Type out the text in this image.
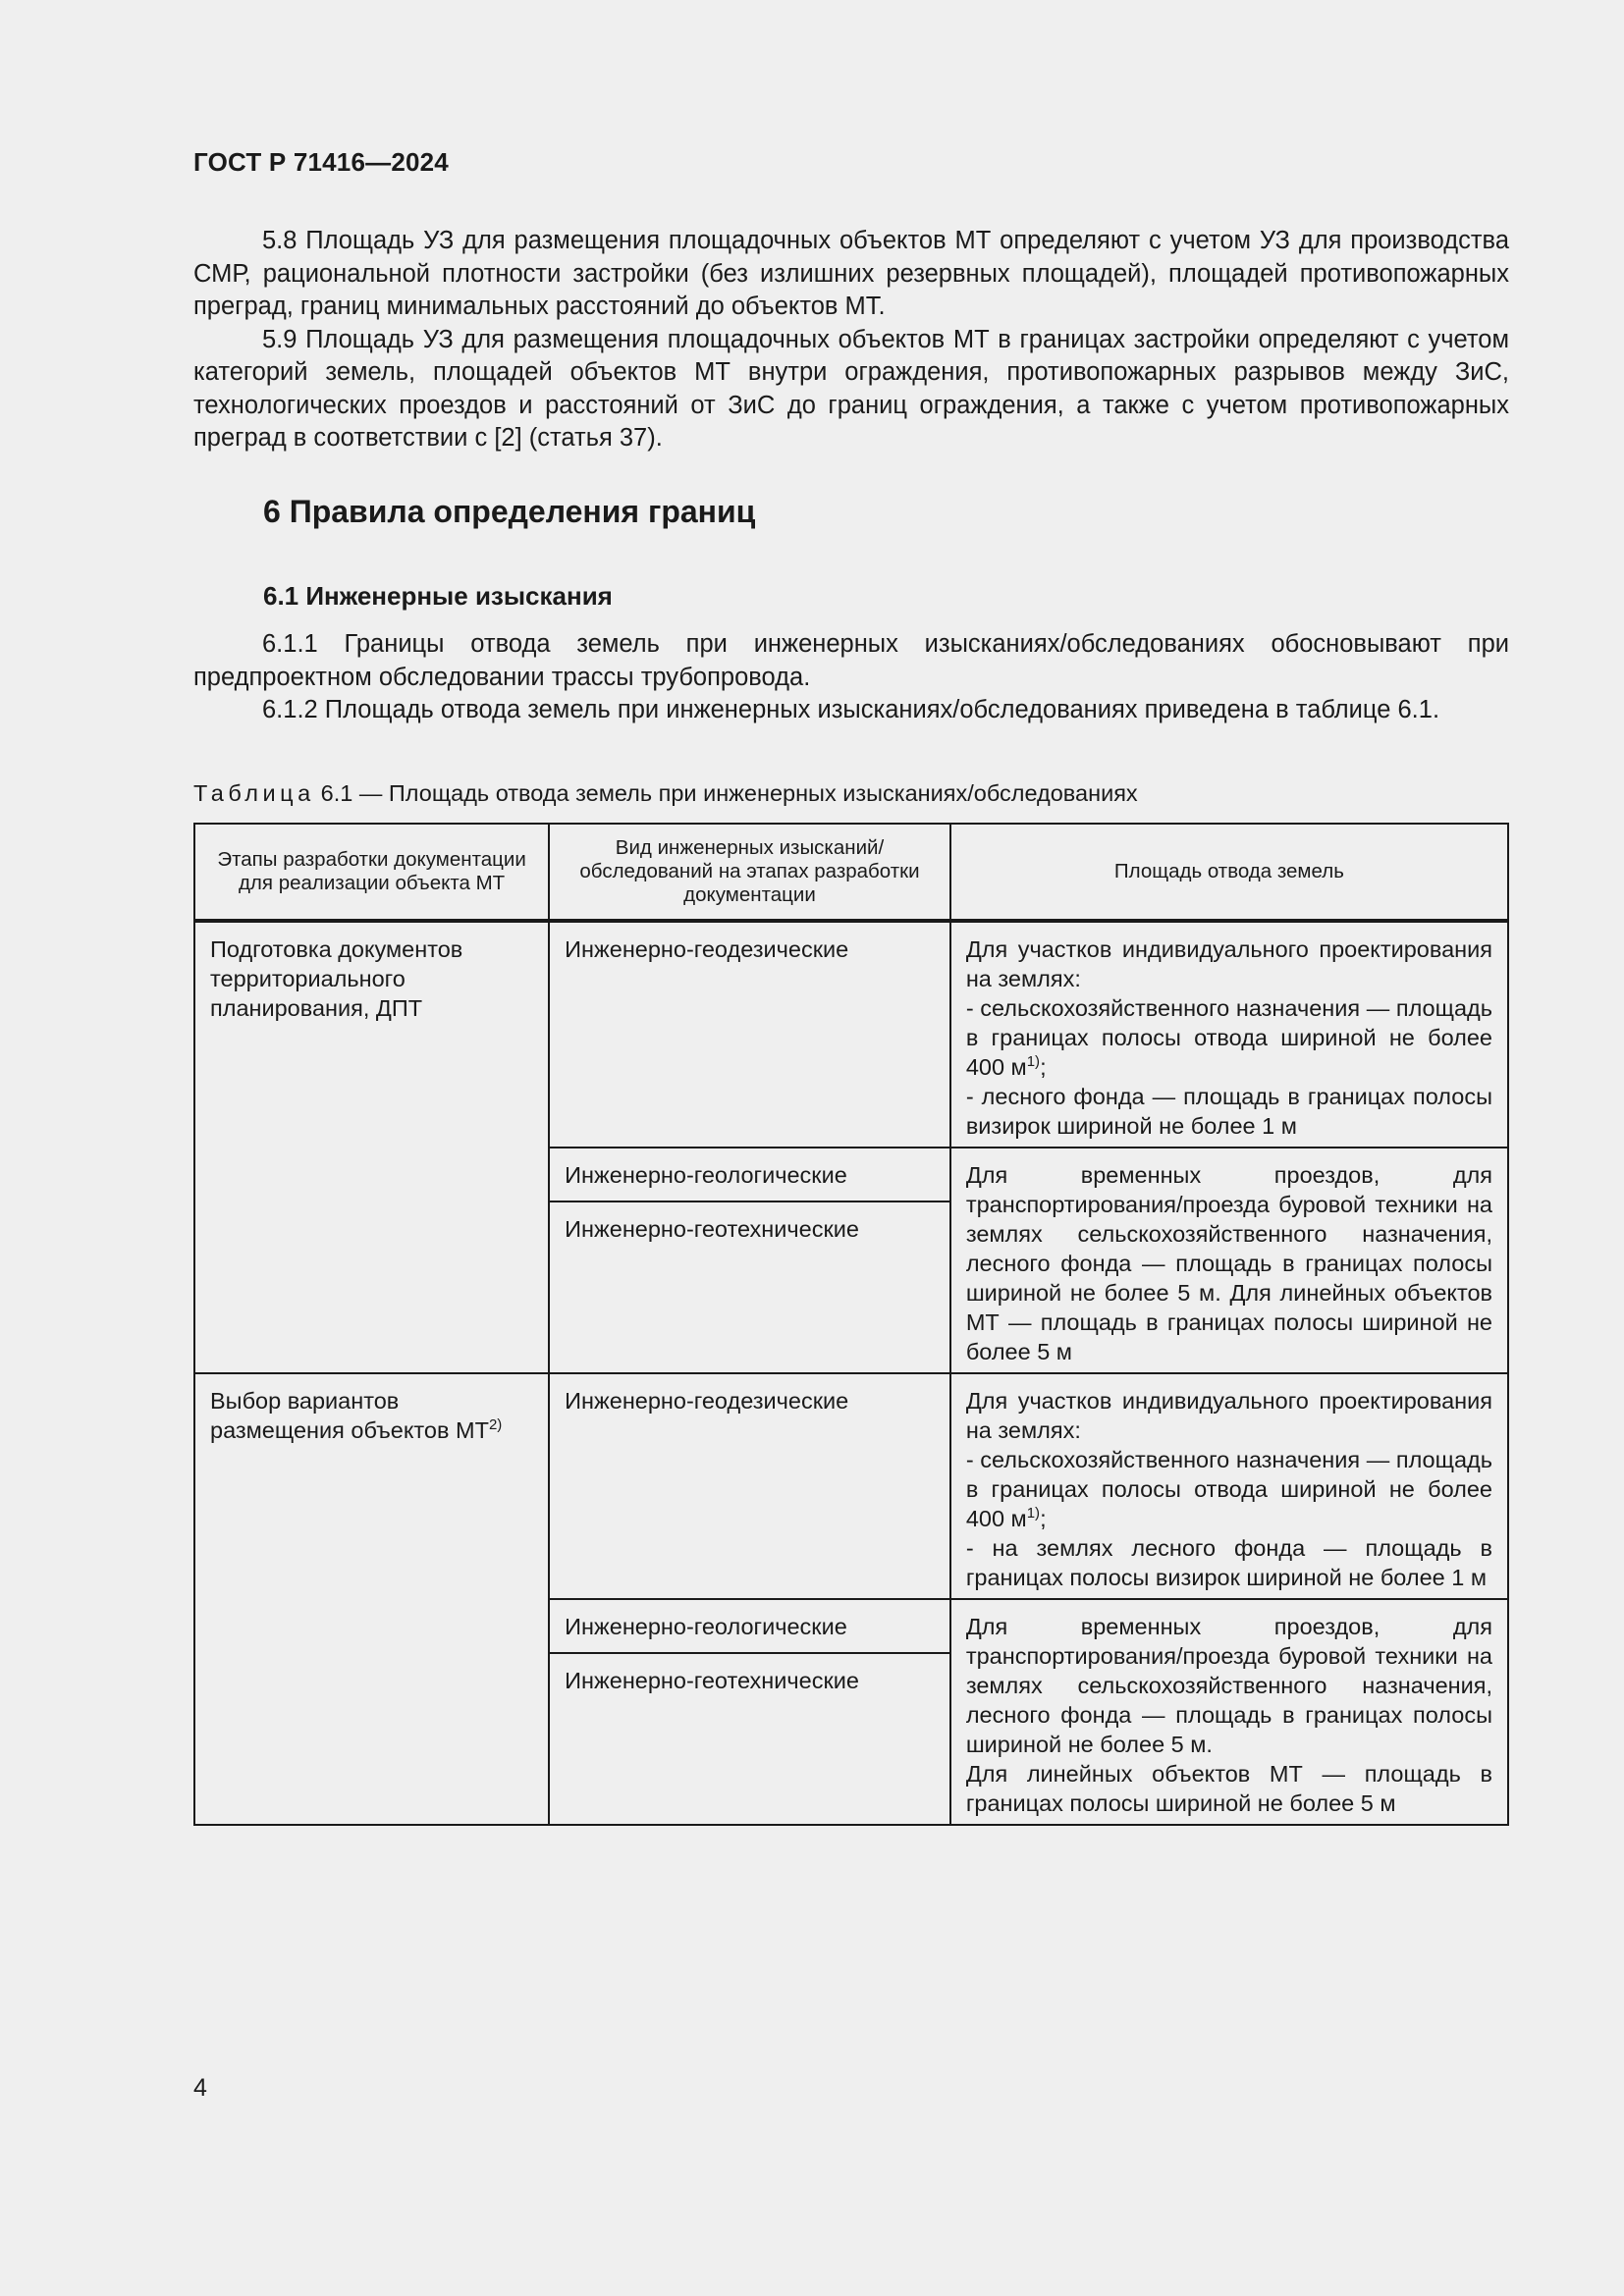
ГОСТ Р 71416—2024

5.8 Площадь УЗ для размещения площадочных объектов МТ определяют с учетом УЗ для производства СМР, рациональной плотности застройки (без излишних резервных площадей), площадей противопожарных преград, границ минимальных расстояний до объектов МТ.

5.9 Площадь УЗ для размещения площадочных объектов МТ в границах застройки определяют с учетом категорий земель, площадей объектов МТ внутри ограждения, противопожарных разрывов между ЗиС, технологических проездов и расстояний от ЗиС до границ ограждения, а также с учетом противопожарных преград в соответствии с [2] (статья 37).

6 Правила определения границ
6.1 Инженерные изыскания

6.1.1 Границы отвода земель при инженерных изысканиях/обследованиях обосновывают при предпроектном обследовании трассы трубопровода.

6.1.2 Площадь отвода земель при инженерных изысканиях/обследованиях приведена в таблице 6.1.

Таблица 6.1 — Площадь отвода земель при инженерных изысканиях/обследованиях
Этапы разработки документации для реализации объекта МТ	Вид инженерных изысканий/ обследований на этапах разработки документации	Площадь отвода земель
Подготовка документов территориального планирования, ДПТ	Инженерно-геодезические	Для участков индивидуального проектирования на землях:
- сельскохозяйственного назначения — площадь в границах полосы отвода шириной не более 400 $м^{1)}$;
- лесного фонда — площадь в границах полосы визирок шириной не более 1 м

	Инженерно-геологические	Для временных проездов, для транспортирования/проезда буровой техники на землях сельскохозяйственного назначения, лесного фонда — площадь в границах полосы шириной не более 5 м. Для линейных объектов МТ — площадь в границах полосы шириной не более 5 м
	Инженерно-геотехнические	
Выбор вариантов размещения объектов МТ$^{2)}$	Инженерно-геодезические	Для участков индивидуального проектирования на землях:
- сельскохозяйственного назначения — площадь в границах полосы отвода шириной не более 400 $м^{1)}$;
- на землях лесного фонда — площадь в границах полосы визирок шириной не более 1 м

	Инженерно-геологические	Для временных проездов, для транспортирования/проезда буровой техники на землях сельскохозяйственного назначения, лесного фонда — площадь в границах полосы шириной не более 5 м.
Для линейных объектов МТ — площадь в границах полосы шириной не более 5 м

	Инженерно-геотехнические	
4
